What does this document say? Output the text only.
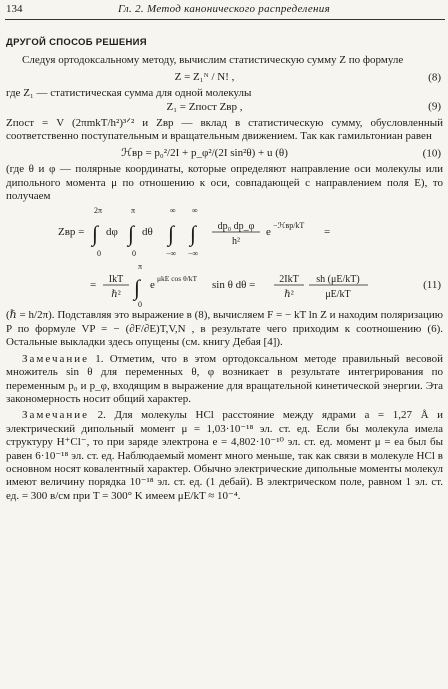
134	Гл. 2. Метод канонического распределения
ДРУГОЙ СПОСОБ РЕШЕНИЯ

Следуя ортодоксальному методу, вычислим статистическую сумму Z по формуле

Z = Z₁ᴺ / N! ,	(8)

где Z₁ — статистическая сумма для одной молекулы

Z₁ = Zпост Zвр ,	(9)

Zпост = V (2πmkT/h²)³ᐟ² и Zвр — вклад в статистическую сумму, обусловленный соответственно поступательным и вращательным движением. Так как гамильтониан равен

ℋвр = p₀²/2I + p_φ²/(2I sin²θ) + u (θ)	(10)

(где θ и φ — полярные координаты, которые определяют направление оси молекулы или дипольного момента μ по отношению к оси, совпадающей с направлением поля E), то получаем

Zвр = ∫
2π
0
dφ ∫
π
0
dθ ∫
∞
−∞
∫
∞
−∞
dp₀ dp_φ
h²
e
−ℋвр/kT
=
= IkT
ℏ² ∫
π
0
e
μkE cos θ/kT
sin θ dθ = 2IkT
ℏ²
sh (μE/kT)
μE/kT
(11)

(ℏ = h/2π). Подставляя это выражение в (8), вычисляем F = − kT ln Z и находим поляризацию P по формуле VP = − (∂F/∂E)T,V,N , в результате чего приходим к соотношению (6). Остальные выкладки здесь опущены (см. книгу Дебая [4]).

Замечание 1. Отметим, что в этом ортодоксальном методе правильный весовой множитель sin θ для переменных θ, φ возникает в результате интегрирования по переменным p₀ и p_φ, входящим в выражение для вращательной кинетической энергии. Эта закономерность носит общий характер.

Замечание 2. Для молекулы HCl расстояние между ядрами a = 1,27 Å и электрический дипольный момент μ = 1,03·10⁻¹⁸ эл. ст. ед. Если бы молекула имела структуру H⁺Cl⁻, то при заряде электрона e = 4,802·10⁻¹⁰ эл. ст. ед. момент μ = ea был бы равен 6·10⁻¹⁸ эл. ст. ед. Наблюдаемый момент много меньше, так как связи в молекуле HCl в основном носят ковалентный характер. Обычно электрические дипольные моменты молекул имеют величину порядка 10⁻¹⁸ эл. ст. ед. (1 дебай). В электрическом поле, равном 1 эл. ст. ед. = 300 в/см при T = 300° K имеем μE/kT ≈ 10⁻⁴.
